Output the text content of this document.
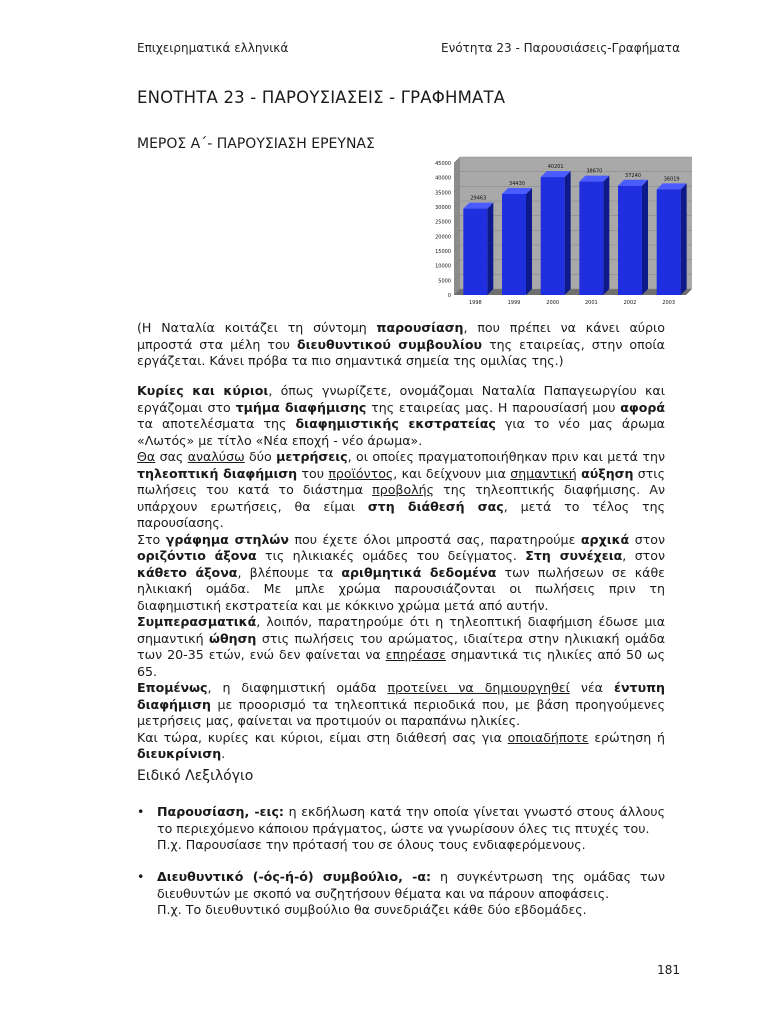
Επιχειρηματικά ελληνικά	Ενότητα 23 - Παρουσιάσεις-Γραφήματα
ΕΝΟΤΗΤΑ 23 - ΠΑΡΟΥΣΙΑΣΕΙΣ - ΓΡΑΦΗΜΑΤΑ
ΜΕΡΟΣ Α΄- ΠΑΡΟΥΣΙΑΣΗ ΕΡΕΥΝΑΣ
0
5000
10000
15000
20000
25000
30000
35000
40000
45000
29463
34430
40201
38670
37240
36019
1998	1999	2000	2001	2002	2003

(Η Ναταλία κοιτάζει τη σύντομη παρουσίαση, που πρέπει να κάνει αύριο μπροστά στα μέλη του διευθυντικού συμβουλίου της εταιρείας, στην οποία εργάζεται. Κάνει πρόβα τα πιο σημαντικά σημεία της ομιλίας της.)

Κυρίες και κύριοι, όπως γνωρίζετε, ονομάζομαι Ναταλία Παπαγεωργίου και εργάζομαι στο τμήμα διαφήμισης της εταιρείας μας. Η παρουσίασή μου αφορά τα αποτελέσματα της διαφημιστικής εκστρατείας για το νέο μας άρωμα «Λωτός» με τίτλο «Νέα εποχή - νέο άρωμα».

Θα σας αναλύσω δύο μετρήσεις, οι οποίες πραγματοποιήθηκαν πριν και μετά την τηλεοπτική διαφήμιση του προϊόντος, και δείχνουν μια σημαντική αύξηση στις πωλήσεις του κατά το διάστημα προβολής της τηλεοπτικής διαφήμισης. Αν υπάρχουν ερωτήσεις, θα είμαι στη διάθεσή σας, μετά το τέλος της παρουσίασης.

Στο γράφημα στηλών που έχετε όλοι μπροστά σας, παρατηρούμε αρχικά στον οριζόντιο άξονα τις ηλικιακές ομάδες του δείγματος. Στη συνέχεια, στον κάθετο άξονα, βλέπουμε τα αριθμητικά δεδομένα των πωλήσεων σε κάθε ηλικιακή ομάδα. Με μπλε χρώμα παρουσιάζονται οι πωλήσεις πριν τη διαφημιστική εκστρατεία και με κόκκινο χρώμα μετά από αυτήν.

Συμπερασματικά, λοιπόν, παρατηρούμε ότι η τηλεοπτική διαφήμιση έδωσε μια σημαντική ώθηση στις πωλήσεις του αρώματος, ιδιαίτερα στην ηλικιακή ομάδα των 20-35 ετών, ενώ δεν φαίνεται να επηρέασε σημαντικά τις ηλικίες από 50 ως 65.

Επομένως, η διαφημιστική ομάδα προτείνει να δημιουργηθεί νέα έντυπη διαφήμιση με προορισμό τα τηλεοπτικά περιοδικά που, με βάση προηγούμενες μετρήσεις μας, φαίνεται να προτιμούν οι παραπάνω ηλικίες.

Και τώρα, κυρίες και κύριοι, είμαι στη διάθεσή σας για οποιαδήποτε ερώτηση ή διευκρίνιση.

Ειδικό Λεξιλόγιο
• Παρουσίαση, -εις: η εκδήλωση κατά την οποία γίνεται γνωστό στους άλλους το περιεχόμενο κάποιου πράγματος, ώστε να γνωρίσουν όλες τις πτυχές του.
Π.χ. Παρουσίασε την πρότασή του σε όλους τους ενδιαφερόμενους.
• Διευθυντικό (-ός-ή-ό) συμβούλιο, -α: η συγκέντρωση της ομάδας των διευθυντών με σκοπό να συζητήσουν θέματα και να πάρουν αποφάσεις.
Π.χ. Το διευθυντικό συμβούλιο θα συνεδριάζει κάθε δύο εβδομάδες.
181
